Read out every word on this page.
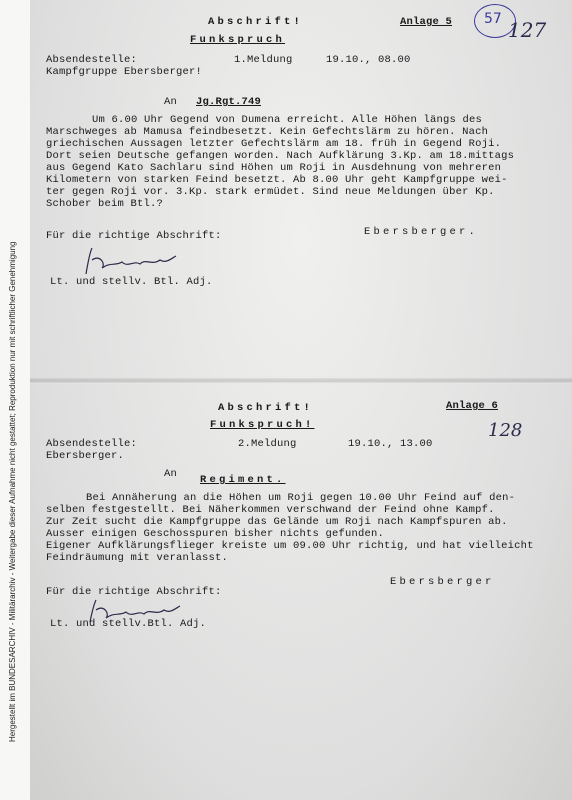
Hergestellt im BUNDESARCHIV - Militärarchiv - Weitergabe dieser Aufnahme nicht gestattet; Reproduktion nur mit schriftlicher Genehmigung
57 127
128
Abschrift!	Anlage 5
Funkspruch
Absendestelle:	1.Meldung	19.10., 08.00
Kampfgruppe Ebersberger!
An Jg.Rgt.749
Um 6.00 Uhr Gegend von Dumena erreicht. Alle Höhen längs des
Marschweges ab Mamusa feindbesetzt. Kein Gefechtslärm zu hören. Nach
griechischen Aussagen letzter Gefechtslärm am 18. früh in Gegend Roji.
Dort seien Deutsche gefangen worden. Nach Aufklärung 3.Kp. am 18.mittags
aus Gegend Kato Sachlaru sind Höhen um Roji in Ausdehnung von mehreren
Kilometern von starken Feind besetzt. Ab 8.00 Uhr geht Kampfgruppe wei-
ter gegen Roji vor. 3.Kp. stark ermüdet. Sind neue Meldungen über Kp.
Schober beim Btl.?
Für die richtige Abschrift:	Ebersberger.
Lt. und stellv. Btl. Adj.
Abschrift!	Anlage 6
Funkspruch!
Absendestelle:	2.Meldung	19.10., 13.00
Ebersberger.
An Regiment.
Bei Annäherung an die Höhen um Roji gegen 10.00 Uhr Feind auf den-
selben festgestellt. Bei Näherkommen verschwand der Feind ohne Kampf.
Zur Zeit sucht die Kampfgruppe das Gelände um Roji nach Kampfspuren ab.
Ausser einigen Geschosspuren bisher nichts gefunden.
Eigener Aufklärungsflieger kreiste um 09.00 Uhr richtig, und hat vielleicht
Feindräumung mit veranlasst.
Für die richtige Abschrift:
Ebersberger
Lt. und stellv.Btl. Adj.
